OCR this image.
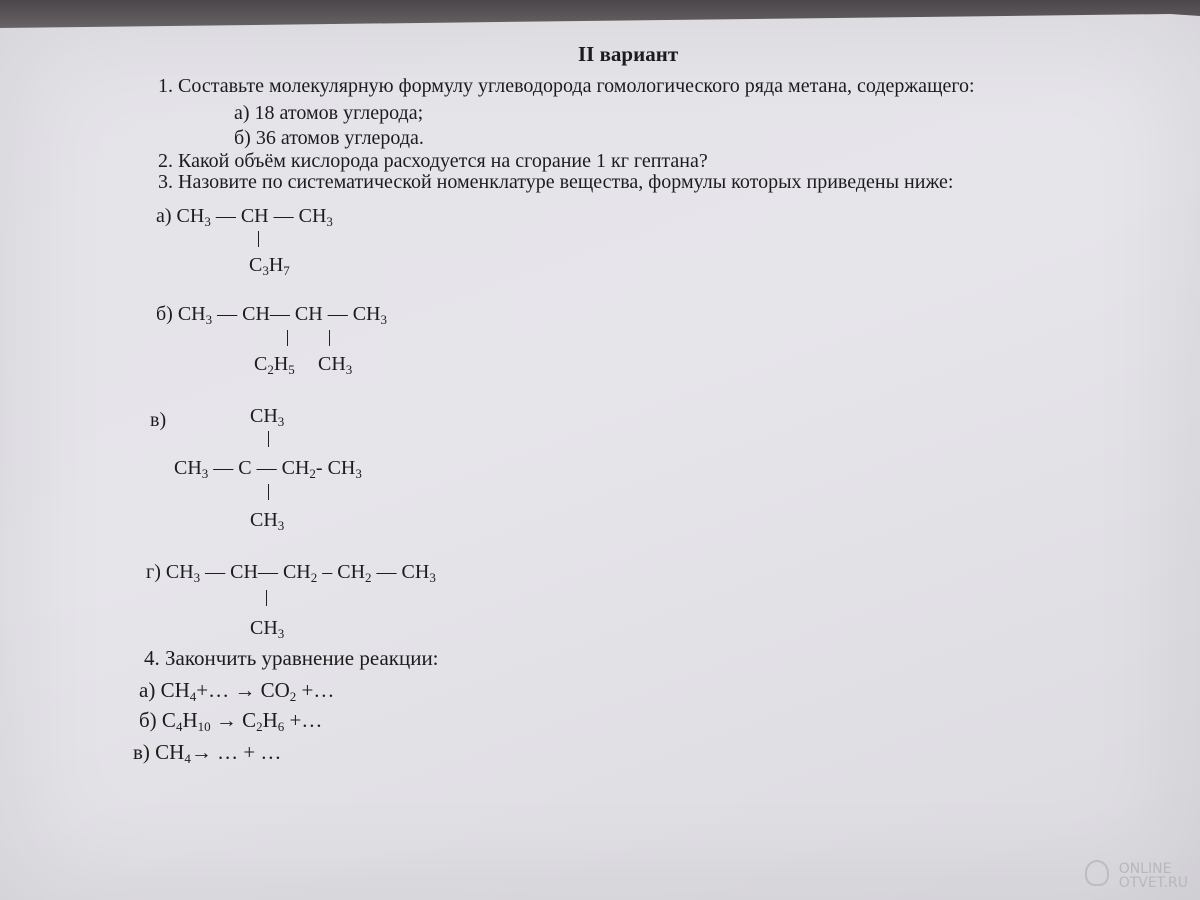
II вариант
1. Составьте молекулярную формулу углеводорода гомологического ряда метана, содержащего:
а) 18 атомов углерода;
б) 36 атомов углерода.
2. Какой объём кислорода расходуется на сгорание 1 кг гептана?
3. Назовите по систематической номенклатуре вещества, формулы которых приведены ниже:
а) $CH_3$ — CH — $CH_3$
$C_3H_7$
б) $CH_3$ — CH— CH — $CH_3$
$C_2H_5$ $CH_3$
в)	$CH_3$
$CH_3$ — C — $CH_2-$ $CH_3$
$CH_3$
г) $CH_3$ — CH— $CH_2 - CH_2$ — $CH_3$
$CH_3$
4. Закончить уравнение реакции:
а) $CH_4+\dots \to CO_2$ +…
б) $C_4H_{10} \to C_2H_6$ +…
в) $CH_4\to$ … + …
ONLINE
OTVET.RU
